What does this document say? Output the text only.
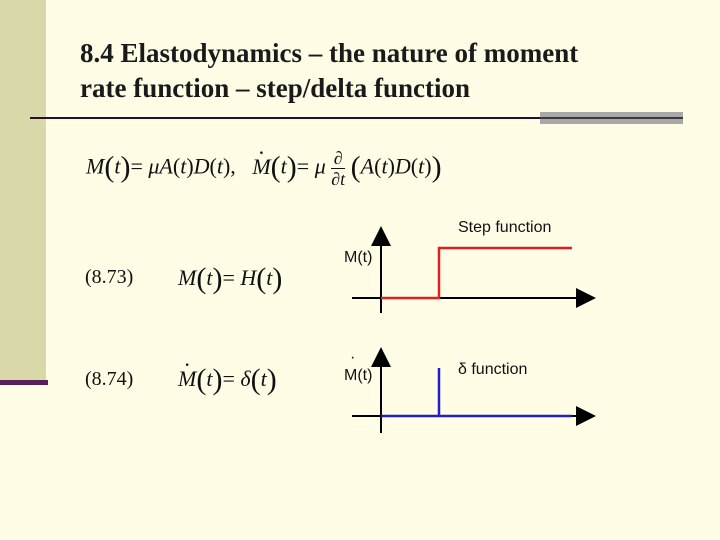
8.4 Elastodynamics – the nature of moment
rate function – step/delta function
M(t)= μA(t)D(t),   · M(t)= μ $\frac{\partial}{\partial t} (A(t)D(t))$
(8.73) M(t)= H(t)
(8.74)
· M(t)= δ(t)
Step function
M(t)
t
δ function
M(t)
·
t
